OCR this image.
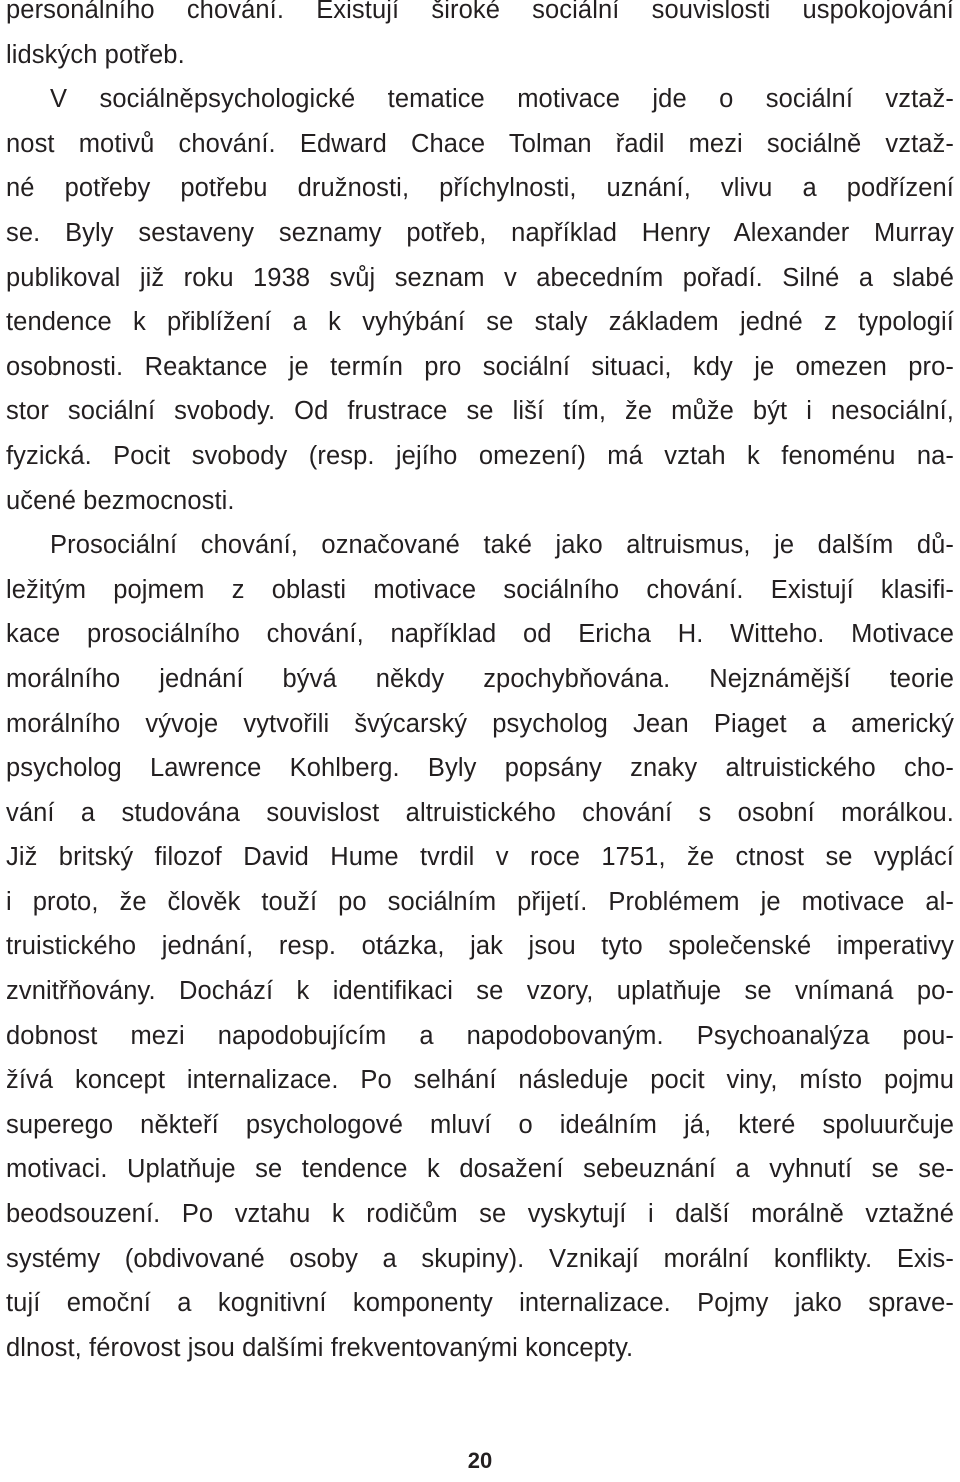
personálního chování. Existují široké sociální souvislosti uspokojování
lidských potřeb.
V sociálněpsychologické tematice motivace jde o sociální vztaž-
nost motivů chování. Edward Chace Tolman řadil mezi sociálně vztaž-
né potřeby potřebu družnosti, příchylnosti, uznání, vlivu a podřízení
se. Byly sestaveny seznamy potřeb, například Henry Alexander Murray
publikoval již roku 1938 svůj seznam v abecedním pořadí. Silné a slabé
tendence k přiblížení a k vyhýbání se staly základem jedné z typologií
osobnosti. Reaktance je termín pro sociální situaci, kdy je omezen pro-
stor sociální svobody. Od frustrace se liší tím, že může být i nesociální,
fyzická. Pocit svobody (resp. jejího omezení) má vztah k fenoménu na-
učené bezmocnosti.
Prosociální chování, označované také jako altruismus, je dalším dů-
ležitým pojmem z oblasti motivace sociálního chování. Existují klasifi-
kace prosociálního chování, například od Ericha H. Witteho. Motivace
morálního jednání bývá někdy zpochybňována. Nejznámější teorie
morálního vývoje vytvořili švýcarský psycholog Jean Piaget a americký
psycholog Lawrence Kohlberg. Byly popsány znaky altruistického cho-
vání a studována souvislost altruistického chování s osobní morálkou.
Již britský filozof David Hume tvrdil v roce 1751, že ctnost se vyplácí
i proto, že člověk touží po sociálním přijetí. Problémem je motivace al-
truistického jednání, resp. otázka, jak jsou tyto společenské imperativy
zvnitřňovány. Dochází k identifikaci se vzory, uplatňuje se vnímaná po-
dobnost mezi napodobujícím a napodobovaným. Psychoanalýza pou-
žívá koncept internalizace. Po selhání následuje pocit viny, místo pojmu
superego někteří psychologové mluví o ideálním já, které spoluurčuje
motivaci. Uplatňuje se tendence k dosažení sebeuznání a vyhnutí se se-
beodsouzení. Po vztahu k rodičům se vyskytují i další morálně vztažné
systémy (obdivované osoby a skupiny). Vznikají morální konflikty. Exis-
tují emoční a kognitivní komponenty internalizace. Pojmy jako sprave-
dlnost, férovost jsou dalšími frekventovanými koncepty.
20
